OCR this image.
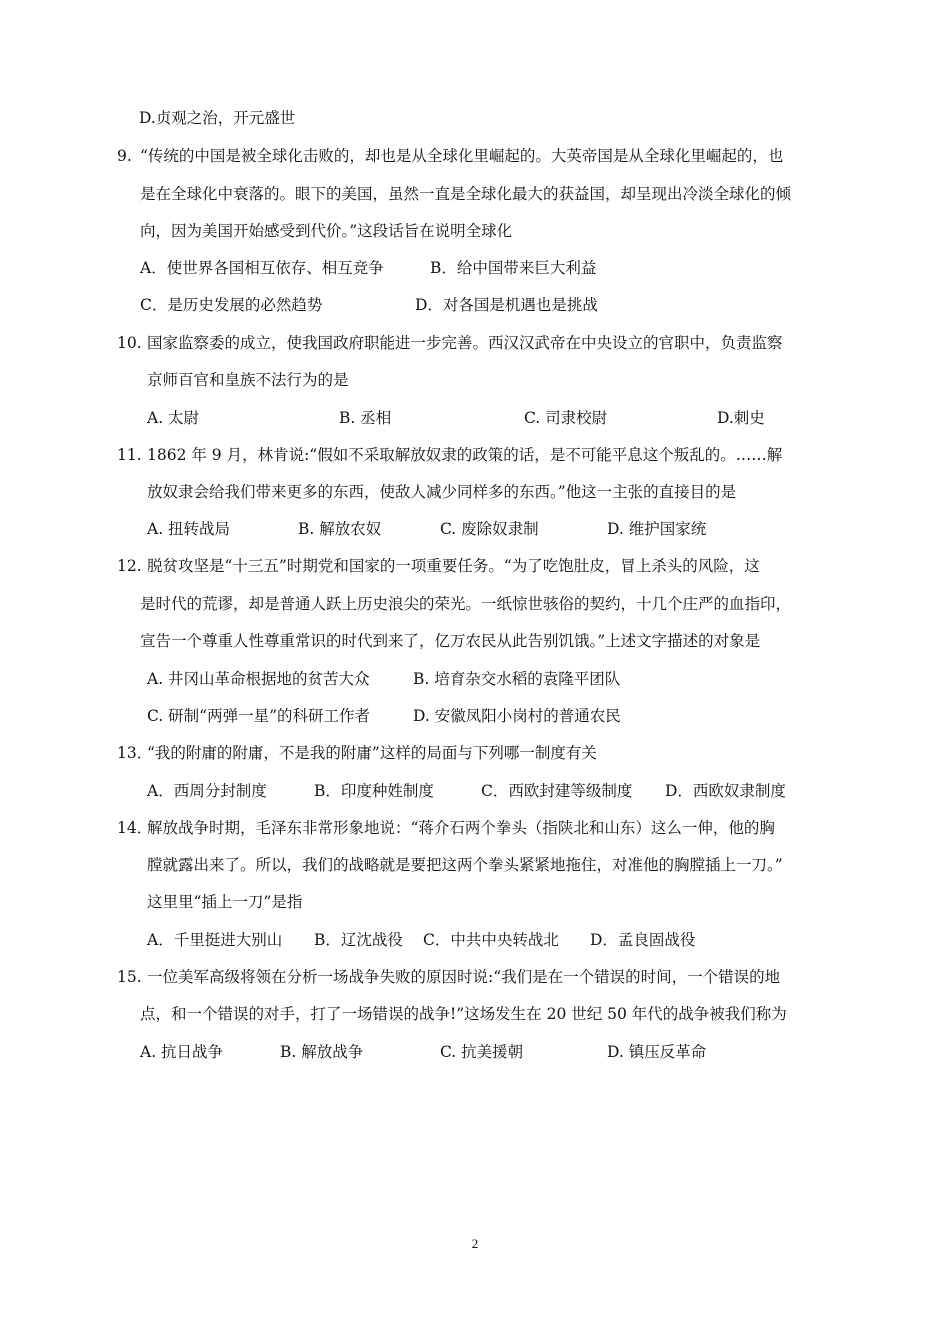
D.贞观之治，开元盛世
9. “传统的中国是被全球化击败的，却也是从全球化里崛起的。大英帝国是从全球化里崛起的，也
是在全球化中衰落的。眼下的美国，虽然一直是全球化最大的获益国，却呈现出冷淡全球化的倾
向，因为美国开始感受到代价。”这段话旨在说明全球化
A．使世界各国相互依存、相互竞争	B．给中国带来巨大利益
C．是历史发展的必然趋势	D．对各国是机遇也是挑战
10. 国家监察委的成立，使我国政府职能进一步完善。西汉汉武帝在中央设立的官职中，负责监察
京师百官和皇族不法行为的是
A. 太尉	B. 丞相	C. 司隶校尉	D.刺史
11. 1862 年 9 月，林肯说:“假如不采取解放奴隶的政策的话，是不可能平息这个叛乱的。……解
放奴隶会给我们带来更多的东西，使敌人减少同样多的东西。”他这一主张的直接目的是
A. 扭转战局	B. 解放农奴	C. 废除奴隶制	D. 维护国家统
12. 脱贫攻坚是“十三五”时期党和国家的一项重要任务。“为了吃饱肚皮，冒上杀头的风险，这
是时代的荒谬，却是普通人跃上历史浪尖的荣光。一纸惊世骇俗的契约，十几个庄严的血指印，
宣告一个尊重人性尊重常识的时代到来了，亿万农民从此告别饥饿。”上述文字描述的对象是
A. 井冈山革命根据地的贫苦大众	B. 培育杂交水稻的袁隆平团队
C. 研制“两弹一星”的科研工作者	D. 安徽凤阳小岗村的普通农民
13．
“我的附庸的附庸，不是我的附庸”这样的局面与下列哪一制度有关
A．西周分封制度	B．印度种姓制度	C．西欧封建等级制度 D．西欧奴隶制度
14．
解放战争时期，毛泽东非常形象地说：“蒋介石两个拳头（指陕北和山东）这么一伸，他的胸
膛就露出来了。所以，我们的战略就是要把这两个拳头紧紧地拖住，对准他的胸膛插上一刀。”
这里里“插上一刀”是指
A．千里挺进大别山 B．辽沈战役 C．中共中央转战北 D．孟良固战役
15. 一位美军高级将领在分析一场战争失败的原因时说:“我们是在一个错误的时间，一个错误的地
点，和一个错误的对手，打了一场错误的战争!”这场发生在 20 世纪 50 年代的战争被我们称为
A. 抗日战争	B. 解放战争	C. 抗美援朝	D. 镇压反革命
2
